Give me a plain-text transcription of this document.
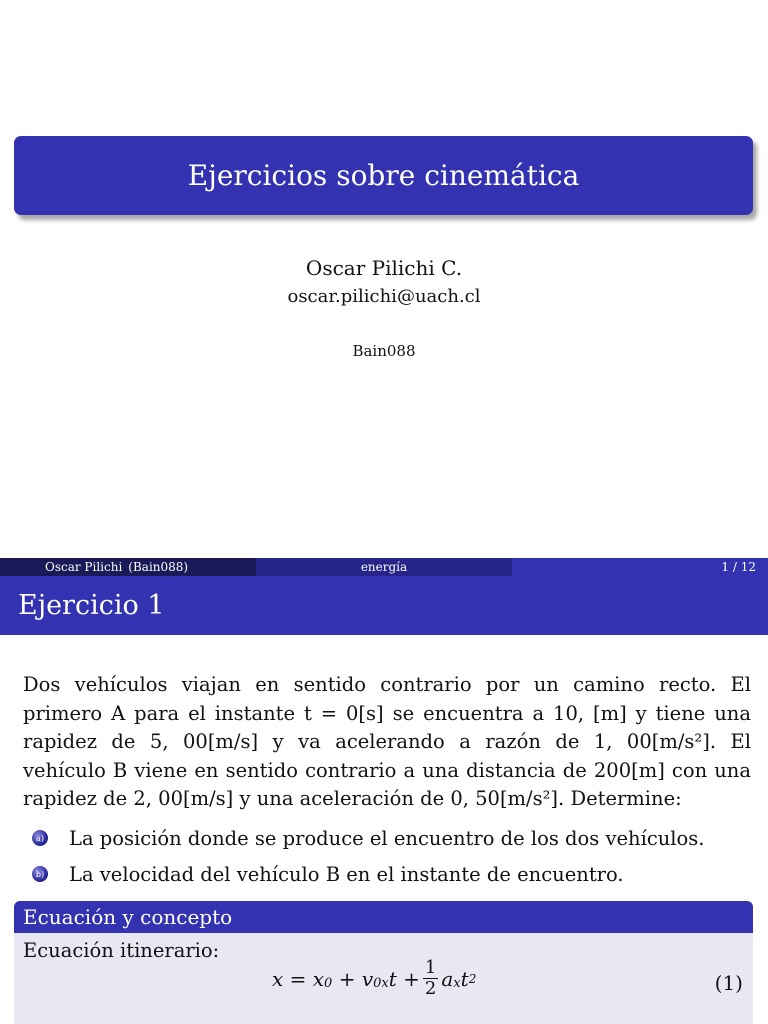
Ejercicios sobre cinemática
Oscar Pilichi C.
oscar.pilichi@uach.cl
Bain088
Oscar Pilichi (Bain088)	energía	1 / 12
Ejercicio 1
Dos vehículos viajan en sentido contrario por un camino recto. El
primero A para el instante t = 0[s] se encuentra a 10, [m] y tiene una
rapidez de 5, 00[m/s] y va acelerando a razón de 1, 00[m/s²]. El
vehículo B viene en sentido contrario a una distancia de 200[m] con una
rapidez de 2, 00[m/s] y una aceleración de 0, 50[m/s²]. Determine:
a) La posición donde se produce el encuentro de los dos vehículos.
b) La velocidad del vehículo B en el instante de encuentro.
Ecuación y concepto
Ecuación itinerario:
x
=
x 0
+
v 0x t
+ $\frac{1}{2}$ a x t 2	(1)
